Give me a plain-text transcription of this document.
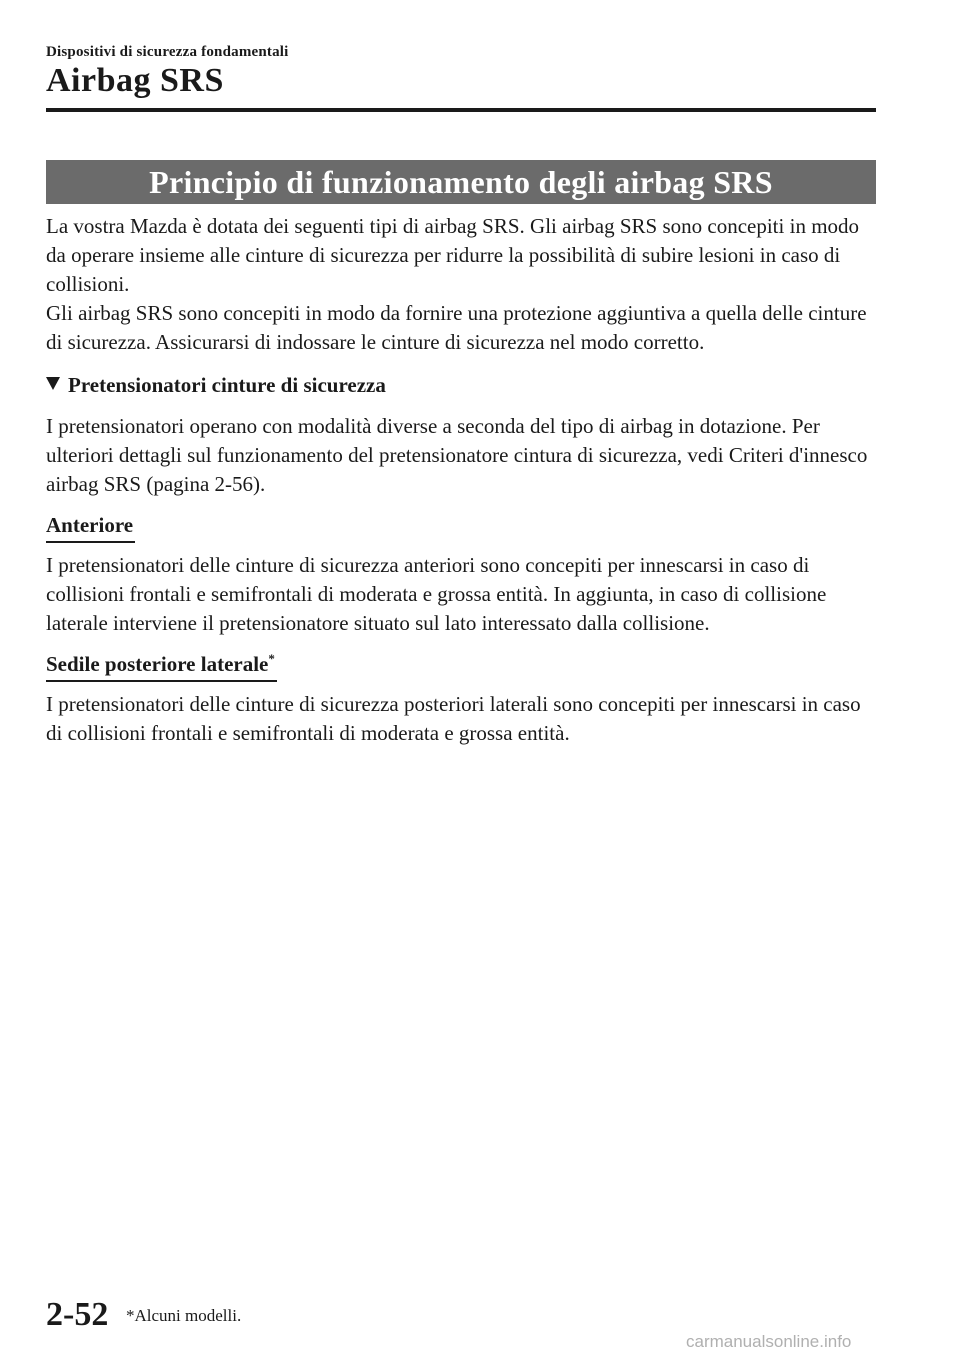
Dispositivi di sicurezza fondamentali
Airbag SRS
Principio di funzionamento degli airbag SRS

La vostra Mazda è dotata dei seguenti tipi di airbag SRS. Gli airbag SRS sono concepiti in modo da operare insieme alle cinture di sicurezza per ridurre la possibilità di subire lesioni in caso di collisioni.

Gli airbag SRS sono concepiti in modo da fornire una protezione aggiuntiva a quella delle cinture di sicurezza. Assicurarsi di indossare le cinture di sicurezza nel modo corretto.

Pretensionatori cinture di sicurezza

I pretensionatori operano con modalità diverse a seconda del tipo di airbag in dotazione. Per ulteriori dettagli sul funzionamento del pretensionatore cintura di sicurezza, vedi Criteri d'innesco airbag SRS (pagina 2-56).

Anteriore

I pretensionatori delle cinture di sicurezza anteriori sono concepiti per innescarsi in caso di collisioni frontali e semifrontali di moderata e grossa entità. In aggiunta, in caso di collisione laterale interviene il pretensionatore situato sul lato interessato dalla collisione.

Sedile posteriore laterale*

I pretensionatori delle cinture di sicurezza posteriori laterali sono concepiti per innescarsi in caso di collisioni frontali e semifrontali di moderata e grossa entità.

2-52 *Alcuni modelli.
carmanualsonline.info
